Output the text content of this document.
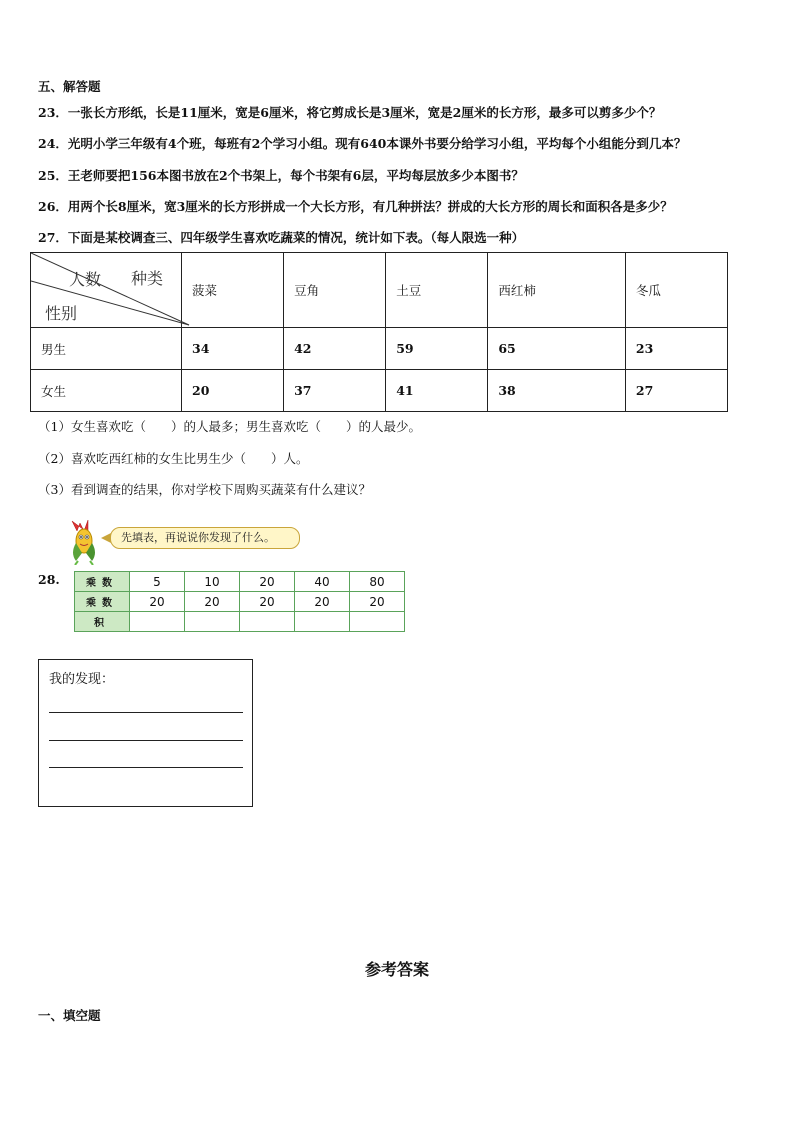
五、解答题
23．一张长方形纸，长是11厘米，宽是6厘米，将它剪成长是3厘米，宽是2厘米的长方形，最多可以剪多少个？
24．光明小学三年级有4个班，每班有2个学习小组。现有640本课外书要分给学习小组，平均每个小组能分到几本？
25．王老师要把156本图书放在2个书架上，每个书架有6层，平均每层放多少本图书？
26．用两个长8厘米，宽3厘米的长方形拼成一个大长方形，有几种拼法？拼成的大长方形的周长和面积各是多少？
27．下面是某校调查三、四年级学生喜欢吃蔬菜的情况，统计如下表。（每人限选一种）
人数 种类
性别	菠菜	豆角	土豆	西红柿	冬瓜
男生	34	42	59	65	23
女生	20	37	41	38	27
（1）女生喜欢吃（　　）的人最多；男生喜欢吃（　　）的人最少。
（2）喜欢吃西红柿的女生比男生少（　　）人。
（3）看到调查的结果，你对学校下周购买蔬菜有什么建议？
先填表，再说说你发现了什么。
28.	乘数	5	10	20	40	80
乘数	20	20	20	20	20
积					
我的发现：
参考答案
一、填空题
